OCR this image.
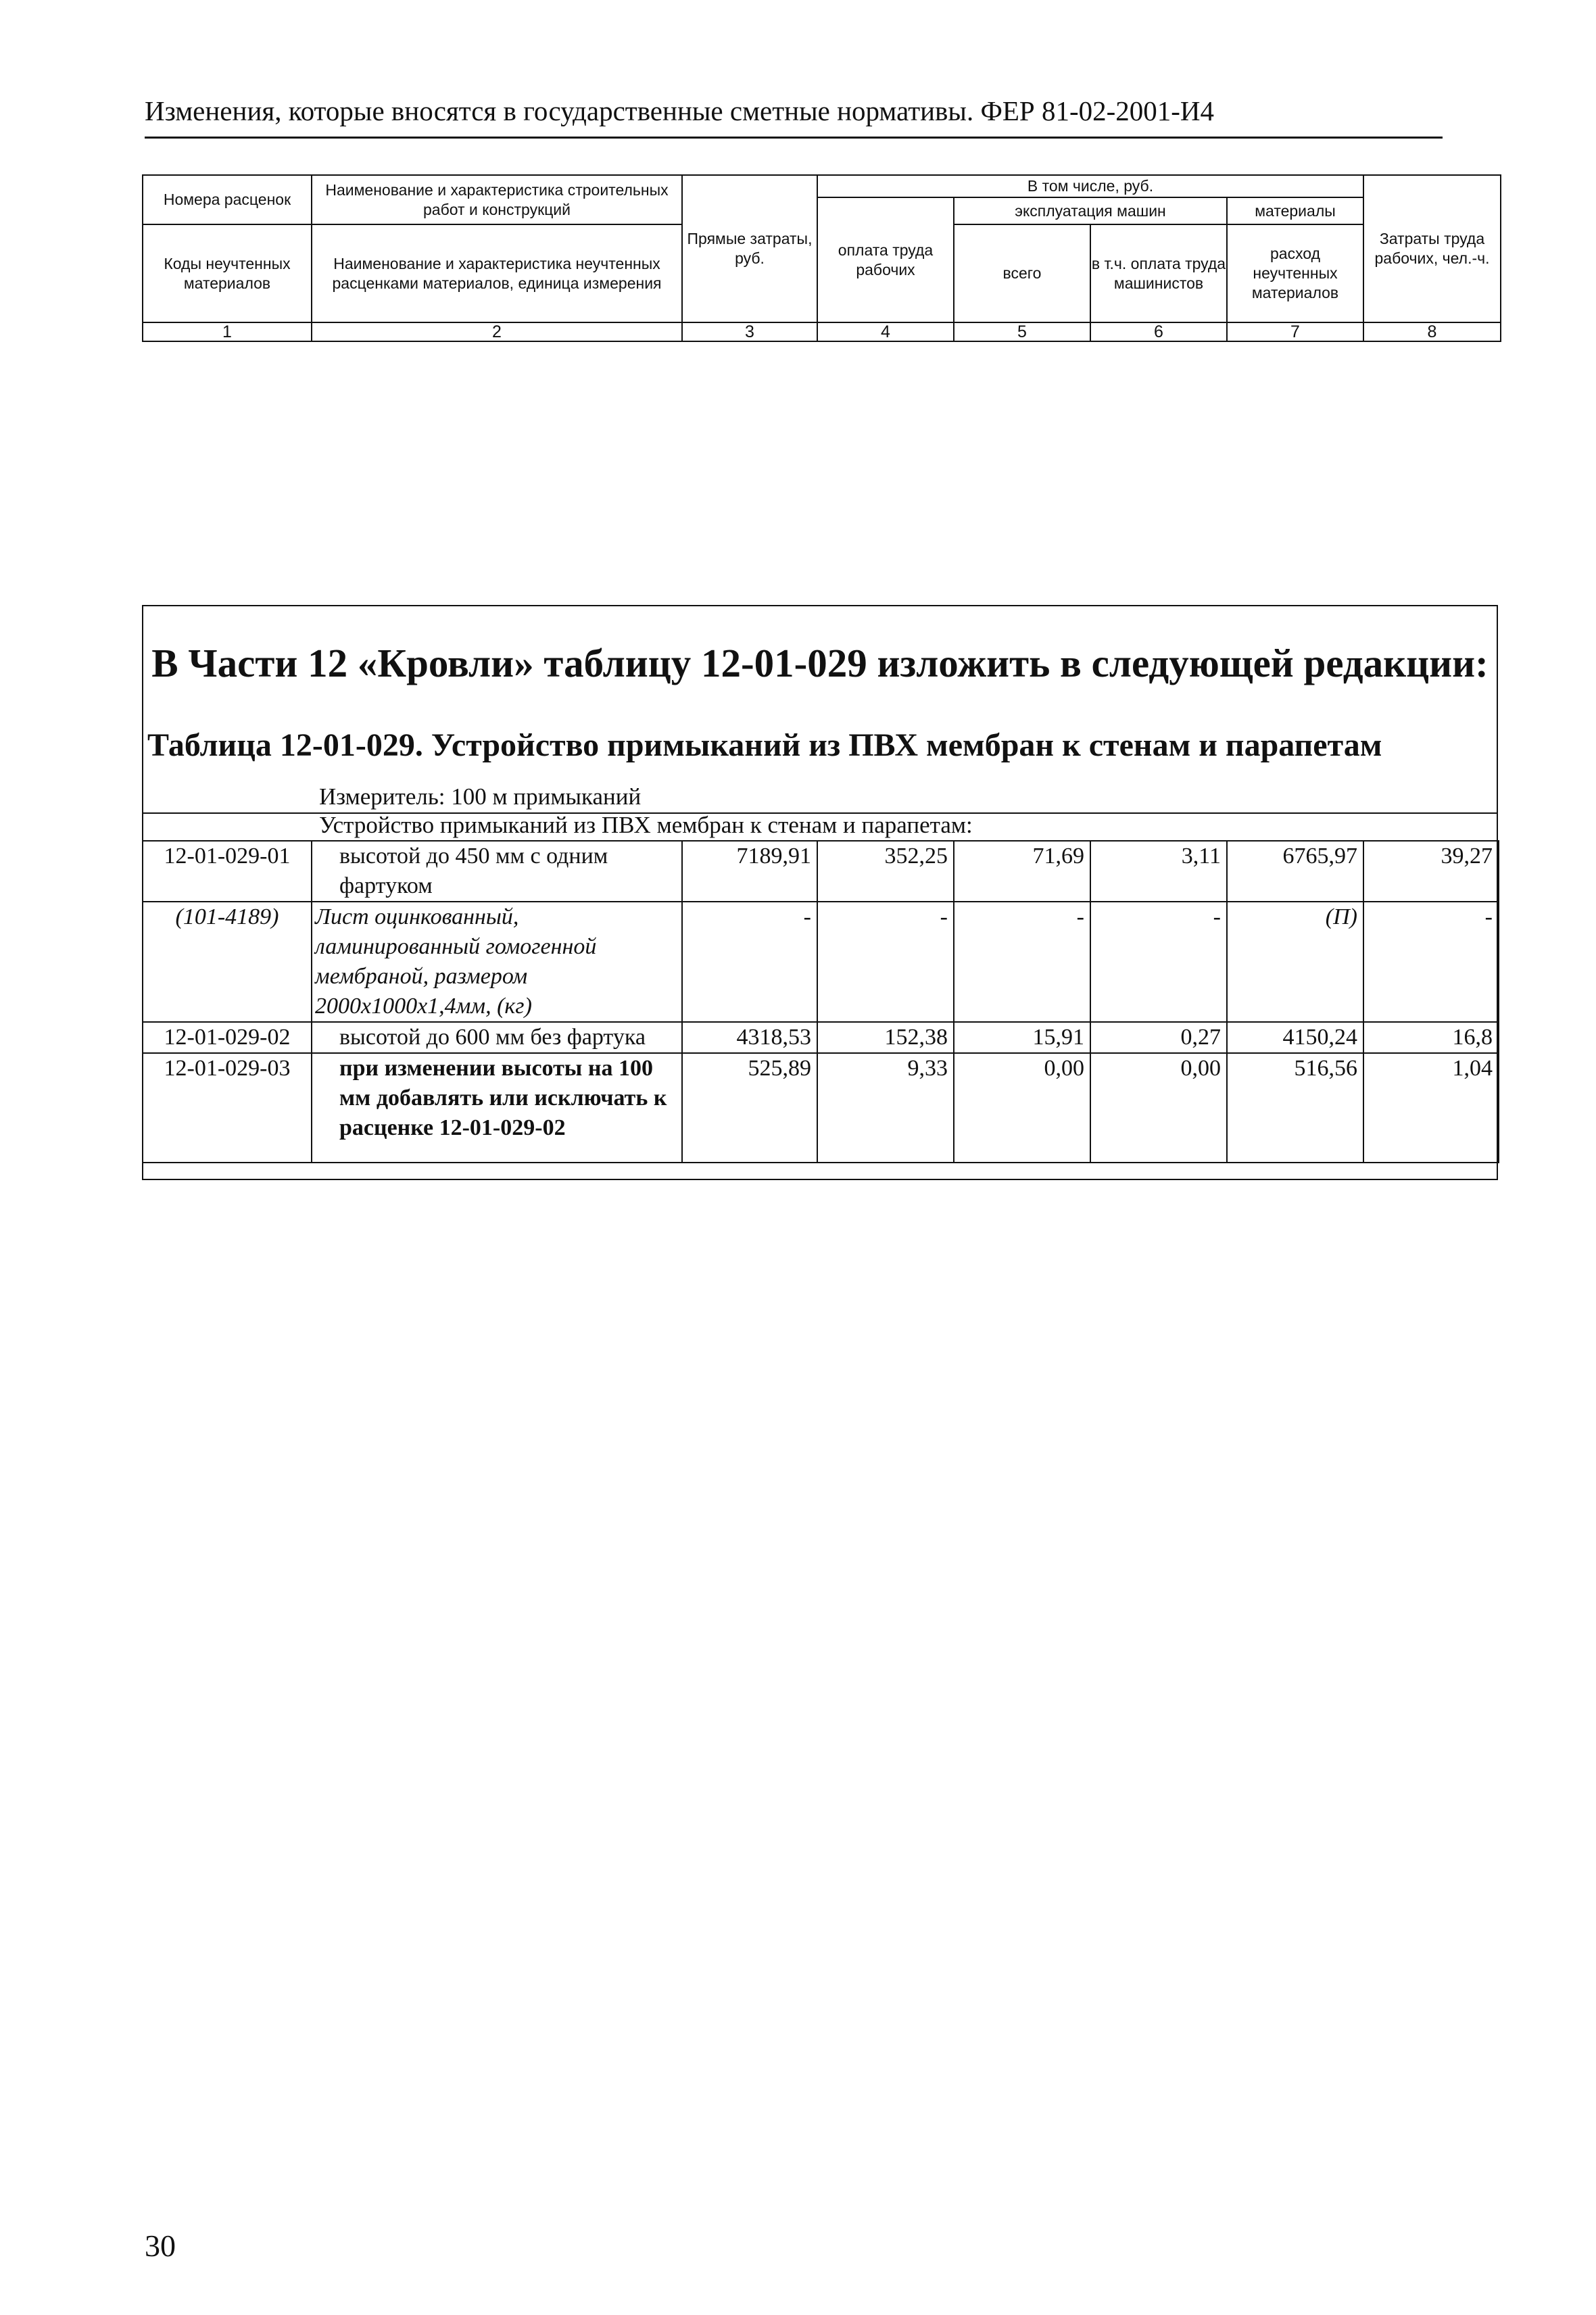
Изменения, которые вносятся в государственные сметные нормативы. ФЕР 81-02-2001-И4
Номера расценок	Наименование и характеристика строительных работ и конструкций	Прямые затраты, руб.	В том числе, руб.				Затраты труда рабочих, чел.-ч.
			оплата труда рабочих	эксплуатация машин		материалы	
Коды неучтенных материалов	Наименование и характеристика неучтенных расценками материалов, единица измерения			всего	в т.ч. оплата труда машинистов	расход неучтенных материалов	
1	2	3	4	5	6	7	8
В Части 12 «Кровли» таблицу 12-01-029 изложить в следующей редакции:
Таблица 12-01-029. Устройство примыканий из ПВХ мембран к стенам и парапетам
Измеритель: 100 м примыканий
Устройство примыканий из ПВХ мембран к стенам и парапетам:
12-01-029-01	высотой до 450 мм с одним фартуком	7189,91	352,25	71,69	3,11	6765,97	39,27
(101-4189)	Лист оцинкованный, ламинированный гомогенной мембраной, размером 2000x1000x1,4мм, (кг)	-	-	-	-	(П)	-
12-01-029-02	высотой до 600 мм без фартука	4318,53	152,38	15,91	0,27	4150,24	16,8
12-01-029-03	при изменении высоты на 100 мм добавлять или исключать к расценке 12-01-029-02	525,89	9,33	0,00	0,00	516,56	1,04
30
